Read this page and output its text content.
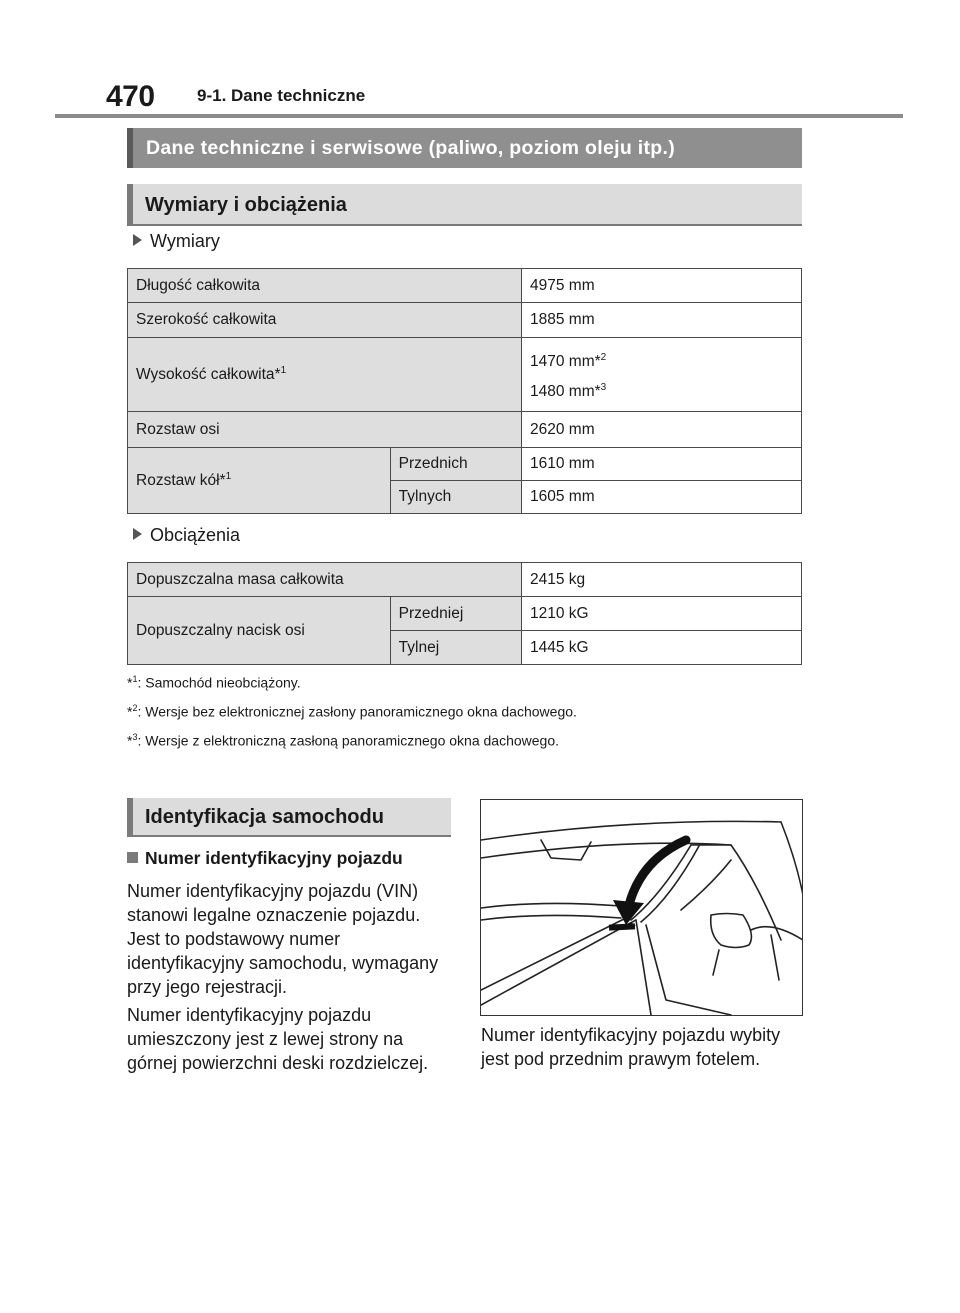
470 9-1. Dane techniczne
Dane techniczne i serwisowe (paliwo, poziom oleju itp.)
Wymiary i obciążenia
Wymiary
Długość całkowita		4975 mm
Szerokość całkowita		1885 mm
Wysokość całkowita*$^1$		1470 mm*$^2$
1480 mm*$^3$

Rozstaw osi		2620 mm
Rozstaw kół*$^1$	Przednich	1610 mm
	Tylnych	1605 mm
Obciążenia
Dopuszczalna masa całkowita		2415 kg
Dopuszczalny nacisk osi	Przedniej	1210 kG
	Tylnej	1445 kG
*$^1$: Samochód nieobciążony.
*$^2$: Wersje bez elektronicznej zasłony panoramicznego okna dachowego.
*$^3$: Wersje z elektroniczną zasłoną panoramicznego okna dachowego.
Identyfikacja samochodu
Numer identyfikacyjny pojazdu

Numer identyfikacyjny pojazdu (VIN) stanowi legalne oznaczenie pojazdu. Jest to podstawowy numer identyfikacyjny samochodu, wymagany przy jego rejestracji.

Numer identyfikacyjny pojazdu umieszczony jest z lewej strony na górnej powierzchni deski rozdzielczej.

Numer identyfikacyjny pojazdu wybity jest pod przednim prawym fotelem.
